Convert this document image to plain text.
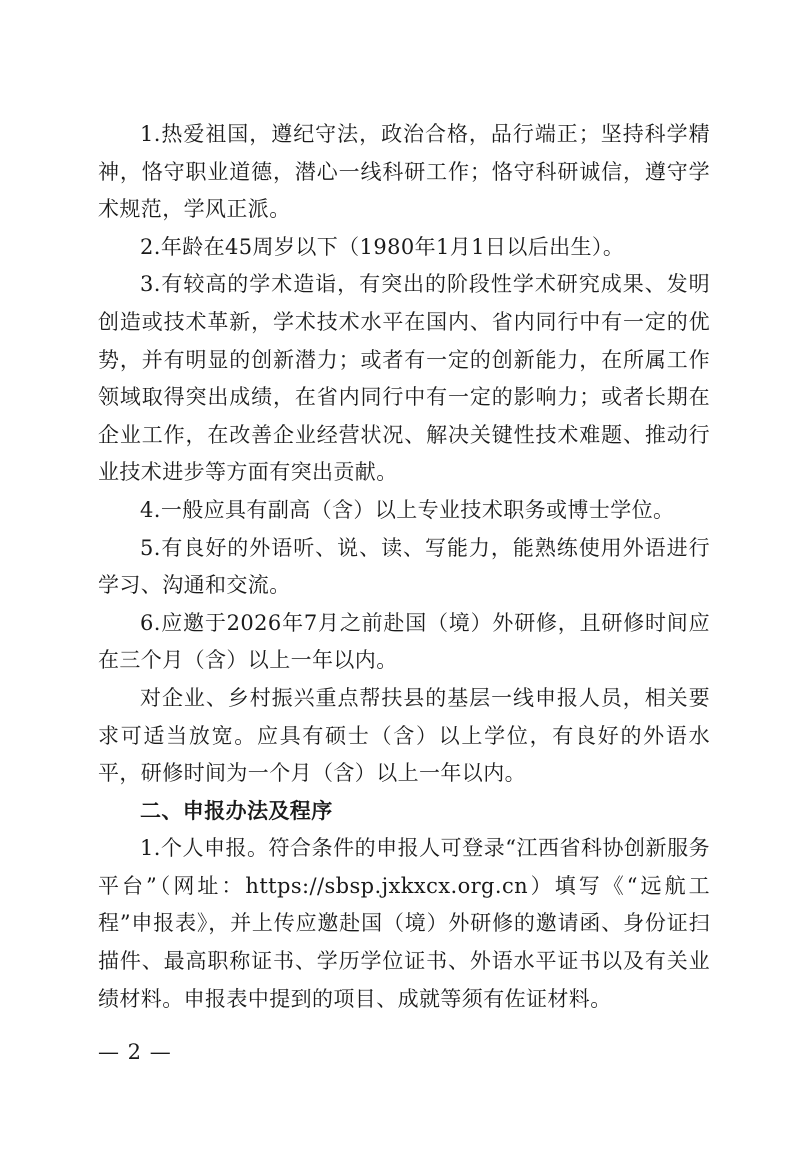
1.热爱祖国，遵纪守法，政治合格，品行端正；坚持科学精神，恪守职业道德，潜心一线科研工作；恪守科研诚信，遵守学术规范，学风正派。

2.年龄在45周岁以下（1980年1月1日以后出生）。

3.有较高的学术造诣，有突出的阶段性学术研究成果、发明创造或技术革新，学术技术水平在国内、省内同行中有一定的优势，并有明显的创新潜力；或者有一定的创新能力，在所属工作领域取得突出成绩，在省内同行中有一定的影响力；或者长期在企业工作，在改善企业经营状况、解决关键性技术难题、推动行业技术进步等方面有突出贡献。

4.一般应具有副高（含）以上专业技术职务或博士学位。

5.有良好的外语听、说、读、写能力，能熟练使用外语进行学习、沟通和交流。

6.应邀于2026年7月之前赴国（境）外研修，且研修时间应在三个月（含）以上一年以内。

对企业、乡村振兴重点帮扶县的基层一线申报人员，相关要求可适当放宽。应具有硕士（含）以上学位，有良好的外语水平，研修时间为一个月（含）以上一年以内。

二、申报办法及程序

1.个人申报。符合条件的申报人可登录“江西省科协创新服务平台”（网址：https://sbsp.jxkxcx.org.cn）填写《“远航工程”申报表》，并上传应邀赴国（境）外研修的邀请函、身份证扫描件、最高职称证书、学历学位证书、外语水平证书以及有关业绩材料。申报表中提到的项目、成就等须有佐证材料。

— 2 —
